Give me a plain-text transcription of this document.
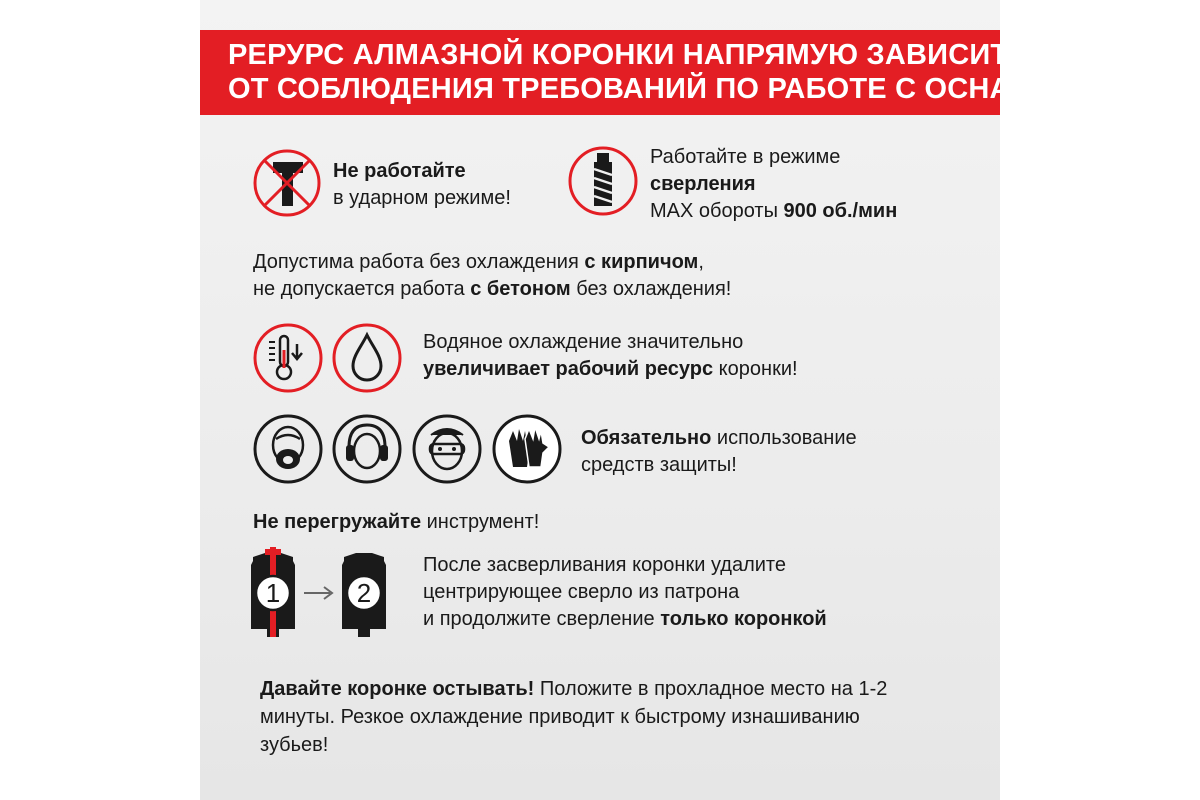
РЕРУРС АЛМАЗНОЙ КОРОНКИ НАПРЯМУЮ ЗАВИСИТ
ОТ СОБЛЮДЕНИЯ ТРЕБОВАНИЙ ПО РАБОТЕ С ОСНАСТКОЙ!
Не работайте
в ударном режиме!
Работайте в режиме
сверления
MAX обороты 900 об./мин
Допустима работа без охлаждения с кирпичом,
не допускается работа с бетоном без охлаждения!
Водяное охлаждение значительно
увеличивает рабочий ресурс коронки!
Обязательно использование
средств защиты!
Не перегружайте инструмент!
1	2
После засверливания коронки удалите
центрирующее сверло из патрона
и продолжите сверление только коронкой
Давайте коронке остывать! Положите в прохладное место на 1-2
минуты. Резкое охлаждение приводит к быстрому изнашиванию
зубьев!
